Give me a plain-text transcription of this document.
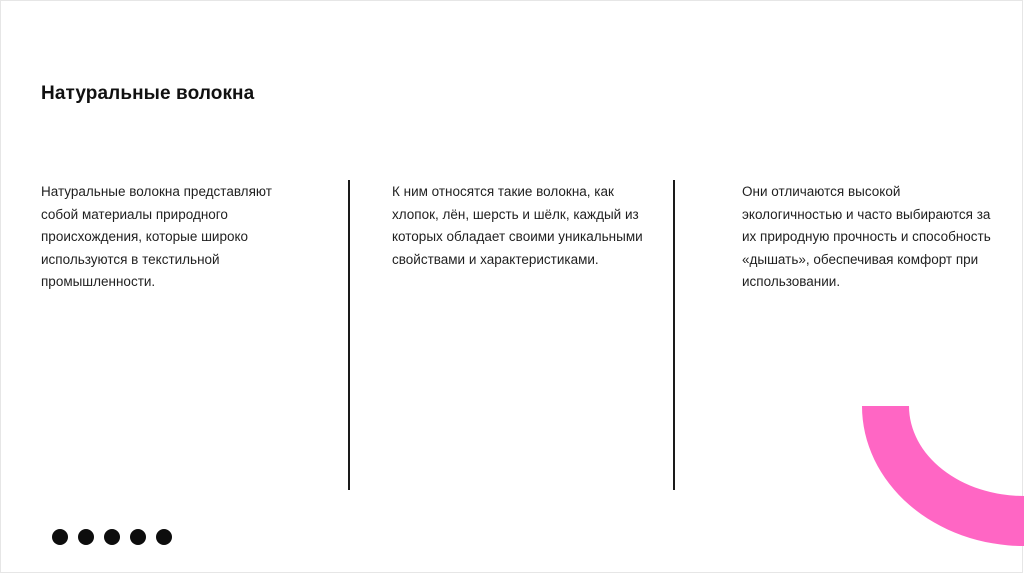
Натуральные волокна
Натуральные волокна представляют
собой материалы природного
происхождения, которые широко
используются в текстильной
промышленности.
К ним относятся такие волокна, как
хлопок, лён, шерсть и шёлк, каждый из
которых обладает своими уникальными
свойствами и характеристиками.
Они отличаются высокой
экологичностью и часто выбираются за
их природную прочность и способность
«дышать», обеспечивая комфорт при
использовании.
